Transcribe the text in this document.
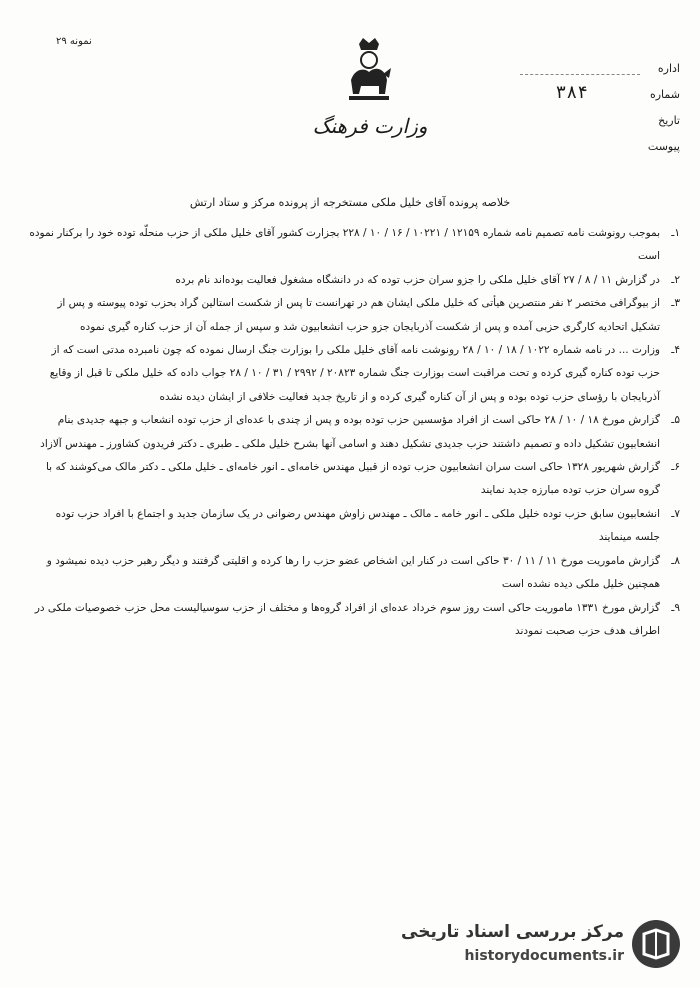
نمونه ۲۹
وزارت فرهنگ
اداره
شماره
۳۸۴
تاریخ
پیوست
خلاصه پرونده آقای خلیل ملکی مستخرجه از پرونده مرکز و ستاد ارتش
۱ـ
بموجب رونوشت نامه تصمیم نامه شماره ۱۲۱۵۹ / ۱۰۲۲۱ / ۱۶ / ۱۰ / ۲۲۸ بجزارت کشور آقای خلیل ملکی از حزب منحلّه توده خود را برکنار نموده است
۲ـ
در گزارش ۱۱ / ۸ / ۲۷ آقای خلیل ملکی را جزو سران حزب توده که در دانشگاه مشغول فعالیت بوده‌اند نام برده
۳ـ
از بیوگرافی مختصر ۲ نفر منتصرین هیأتی که خلیل ملکی ایشان هم در تهرانست تا پس از شکست استالین گراد بحزب توده پیوسته و پس از تشکیل اتحادیه کارگری حزبی آمده و پس از شکست آذربایجان جزو حزب انشعابیون شد و سپس از جمله آن از حزب کناره گیری نموده
۴ـ
وزارت ... در نامه شماره ۱۰۲۲ / ۱۸ / ۱۰ / ۲۸ رونوشت نامه آقای خلیل ملکی را بوزارت جنگ ارسال نموده که چون نامبرده مدتی است که از حزب توده کناره گیری کرده و تحت مراقبت است بوزارت جنگ شماره ۲۰۸۲۳ / ۲۹۹۲ / ۳۱ / ۱۰ / ۲۸ جواب داده که خلیل ملکی تا قبل از وقایع آذربایجان با رؤسای حزب توده بوده و پس از آن کناره گیری کرده و از تاریخ جدید فعالیت خلافی از ایشان دیده نشده
۵ـ
گزارش مورخ ۱۸ / ۱۰ / ۲۸ حاکی است از افراد مؤسسین حزب توده بوده و پس از چندی با عده‌ای از حزب توده انشعاب و جبهه جدیدی بنام انشعابیون تشکیل داده و تصمیم داشتند حزب جدیدی تشکیل دهند و اسامی آنها بشرح خلیل ملکی ـ طبری ـ دکتر فریدون کشاورز ـ مهندس آلازاد
۶ـ
گزارش شهریور ۱۳۲۸ حاکی است سران انشعابیون حزب توده از قبیل مهندس خامه‌ای ـ انور خامه‌ای ـ خلیل ملکی ـ دکتر مالک می‌کوشند که با گروه سران حزب توده مبارزه جدید نمایند
۷ـ
انشعابیون سابق حزب توده خلیل ملکی ـ انور خامه ـ مالک ـ مهندس زاوش مهندس رضوانی در یک سازمان جدید و اجتماع با افراد حزب توده جلسه مینمایند
۸ـ
گزارش ماموریت مورخ ۱۱ / ۱۱ / ۳۰ حاکی است در کنار این اشخاص عضو حزب را رها کرده و اقلیتی گرفتند و دیگر رهبر حزب دیده نمیشود و همچنین خلیل ملکی دیده نشده است
۹ـ
گزارش مورخ ۱۳۳۱ ماموریت حاکی است روز سوم خرداد عده‌ای از افراد گروه‌ها و مختلف از حزب سوسیالیست محل حزب خصوصیات ملکی در اطراف هدف حزب صحبت نمودند
مرکز بررسی اسناد تاریخی
historydocuments.ir
